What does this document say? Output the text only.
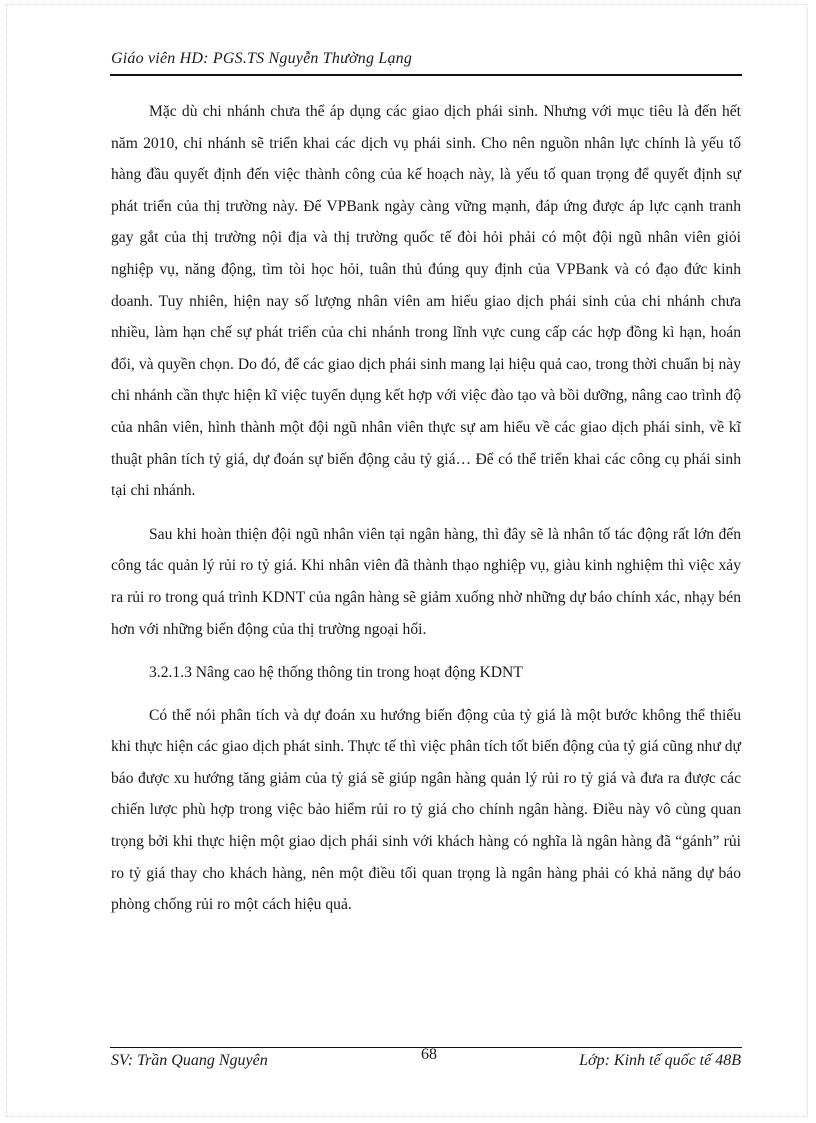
Giáo viên HD: PGS.TS Nguyễn Thường Lạng

Mặc dù chi nhánh chưa thể áp dụng các giao dịch phái sinh. Nhưng với mục tiêu là đến hết năm 2010, chi nhánh sẽ triển khai các dịch vụ phái sinh. Cho nên nguồn nhân lực chính là yếu tố hàng đầu quyết định đến việc thành công của kế hoạch này, là yếu tố quan trọng để quyết định sự phát triển của thị trường này. Để VPBank ngày càng vững mạnh, đáp ứng được áp lực cạnh tranh gay gắt của thị trường nội địa và thị trường quốc tế đòi hỏi phải có một đội ngũ nhân viên giỏi nghiệp vụ, năng động, tìm tòi học hỏi, tuân thủ đúng quy định của VPBank và có đạo đức kinh doanh. Tuy nhiên, hiện nay số lượng nhân viên am hiểu giao dịch phái sinh của chi nhánh chưa nhiều, làm hạn chế sự phát triển của chi nhánh trong lĩnh vực cung cấp các hợp đồng kì hạn, hoán đổi, và quyền chọn. Do đó, để các giao dịch phái sinh mang lại hiệu quả cao, trong thời chuẩn bị này chi nhánh cần thực hiện kĩ việc tuyển dụng kết hợp với việc đào tạo và bồi dưỡng, nâng cao trình độ của nhân viên, hình thành một đội ngũ nhân viên thực sự am hiểu về các giao dịch phái sinh, về kĩ thuật phân tích tỷ giá, dự đoán sự biến động cảu tỷ giá… Để có thể triển khai các công cụ phái sinh tại chi nhánh.

Sau khi hoàn thiện đội ngũ nhân viên tại ngân hàng, thì đây sẽ là nhân tố tác động rất lớn đến công tác quản lý rủi ro tỷ giá. Khi nhân viên đã thành thạo nghiệp vụ, giàu kinh nghiệm thì việc xảy ra rủi ro trong quá trình KDNT của ngân hàng sẽ giảm xuống nhờ những dự báo chính xác, nhạy bén hơn với những biến động của thị trường ngoại hối.

3.2.1.3 Nâng cao hệ thống thông tin trong hoạt động KDNT

Có thể nói phân tích và dự đoán xu hướng biến động của tỷ giá là một bước không thể thiếu khi thực hiện các giao dịch phát sinh. Thực tế thì việc phân tích tốt biến động của tỷ giá cũng như dự báo được xu hướng tăng giảm của tỷ giá sẽ giúp ngân hàng quản lý rủi ro tỷ giá và đưa ra được các chiến lược phù hợp trong việc bảo hiểm rủi ro tỷ giá cho chính ngân hàng. Điều này vô cùng quan trọng bởi khi thực hiện một giao dịch phái sinh với khách hàng có nghĩa là ngân hàng đã “gánh” rủi ro tỷ giá thay cho khách hàng, nên một điều tối quan trọng là ngân hàng phải có khả năng dự báo phòng chống rủi ro một cách hiệu quả.

SV: Trần Quang Nguyên	68	Lớp: Kinh tế quốc tế 48B
